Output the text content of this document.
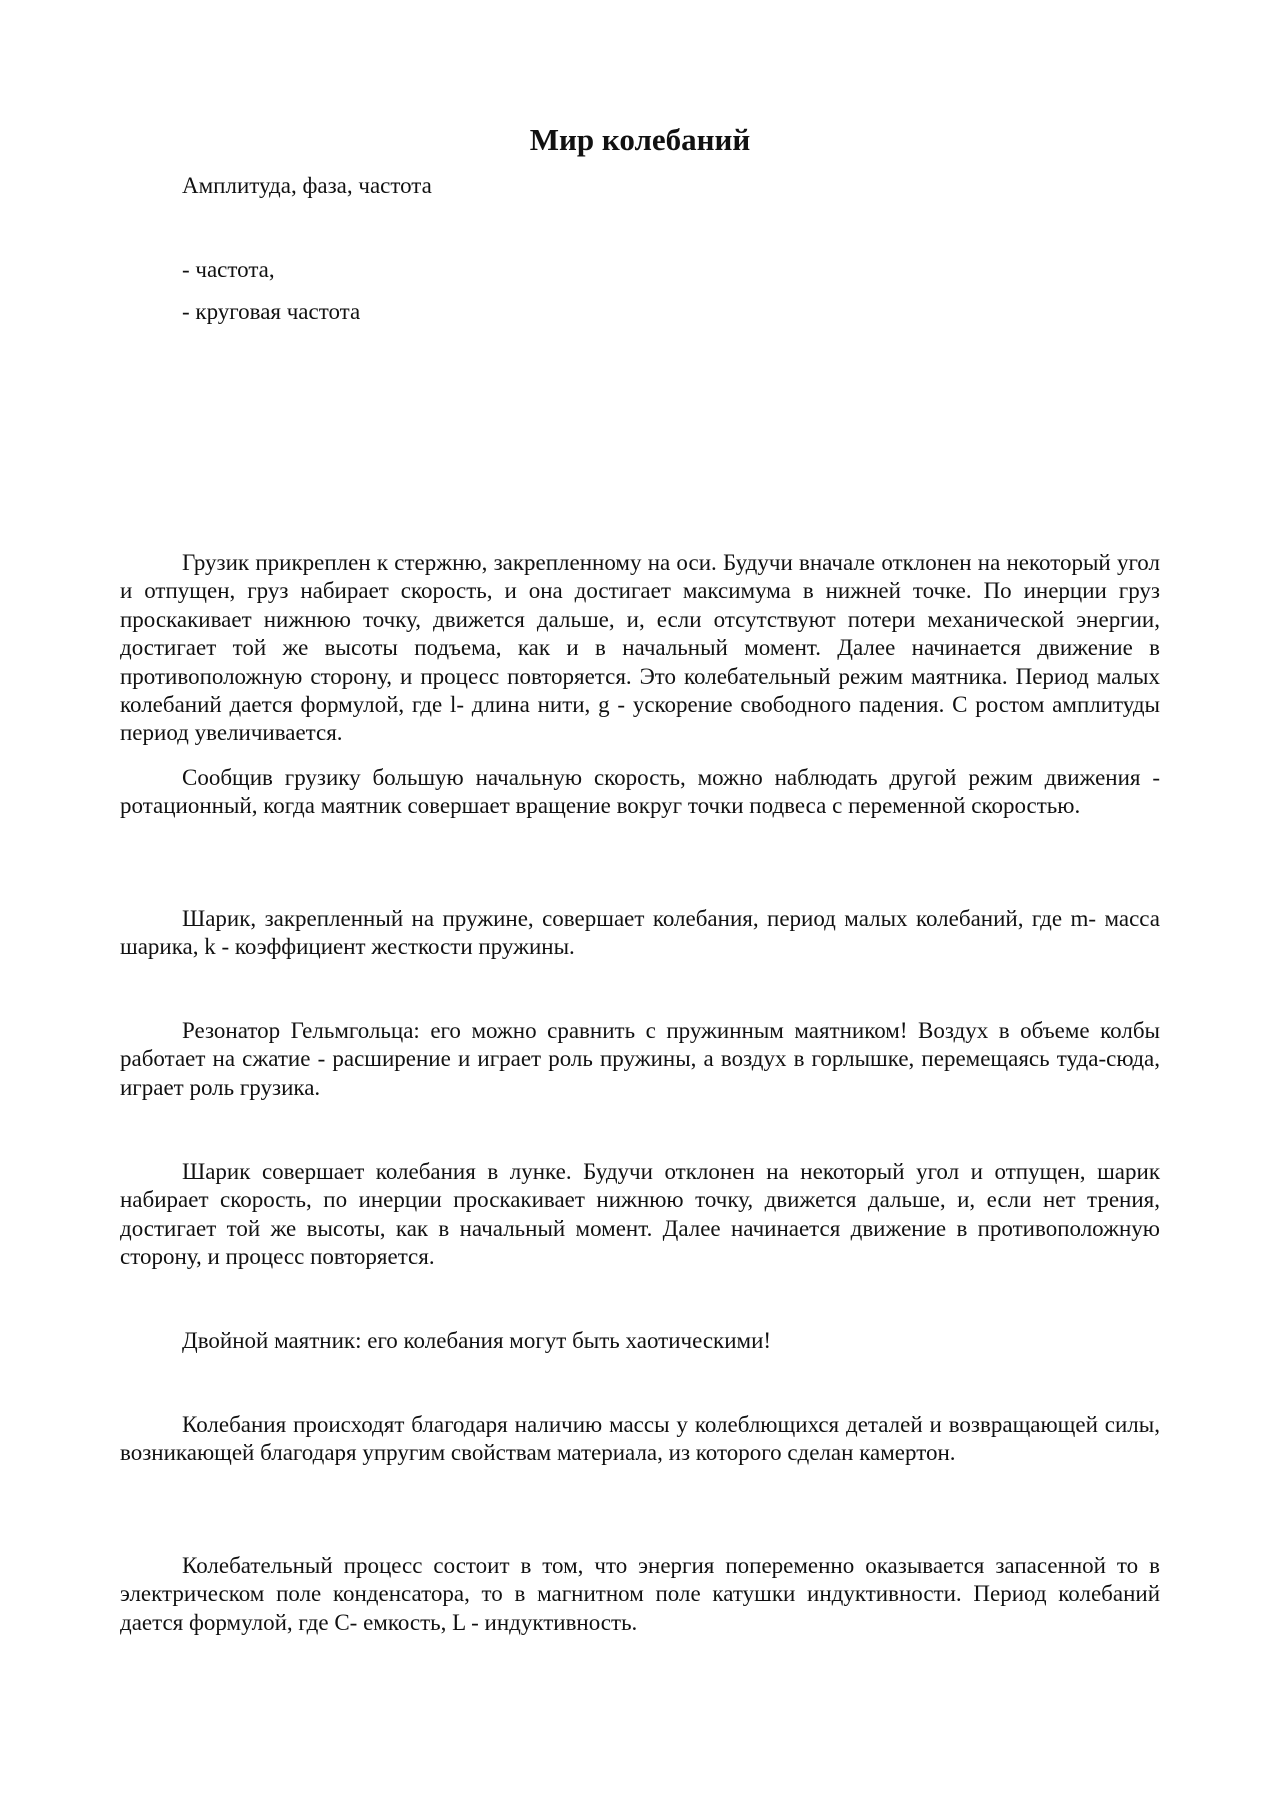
Мир колебаний
Амплитуда, фаза, частота
- частота,
- круговая частота

Грузик прикреплен к стержню, закрепленному на оси. Будучи вначале отклонен на некоторый угол и отпущен, груз набирает скорость, и она достигает максимума в нижней точке. По инерции груз проскакивает нижнюю точку, движется дальше, и, если отсутствуют потери механической энергии, достигает той же высоты подъема, как и в начальный момент. Далее начинается движение в противоположную сторону, и процесс повторяется. Это колебательный режим маятника. Период малых колебаний дается формулой, где l- длина нити, g - ускорение свободного падения. С ростом амплитуды период увеличивается.

Сообщив грузику большую начальную скорость, можно наблюдать другой режим движения - ротационный, когда маятник совершает вращение вокруг точки подвеса с переменной скоростью.

Шарик, закрепленный на пружине, совершает колебания, период малых колебаний, где m- масса шарика, k - коэффициент жесткости пружины.

Резонатор Гельмгольца: его можно сравнить с пружинным маятником! Воздух в объеме колбы работает на сжатие - расширение и играет роль пружины, а воздух в горлышке, перемещаясь туда-сюда, играет роль грузика.

Шарик совершает колебания в лунке. Будучи отклонен на некоторый угол и отпущен, шарик набирает скорость, по инерции проскакивает нижнюю точку, движется дальше, и, если нет трения, достигает той же высоты, как в начальный момент. Далее начинается движение в противоположную сторону, и процесс повторяется.

Двойной маятник: его колебания могут быть хаотическими!

Колебания происходят благодаря наличию массы у колеблющихся деталей и возвращающей силы, возникающей благодаря упругим свойствам материала, из которого сделан камертон.

Колебательный процесс состоит в том, что энергия попеременно оказывается запасенной то в электрическом поле конденсатора, то в магнитном поле катушки индуктивности. Период колебаний дается формулой, где С- емкость, L - индуктивность.
